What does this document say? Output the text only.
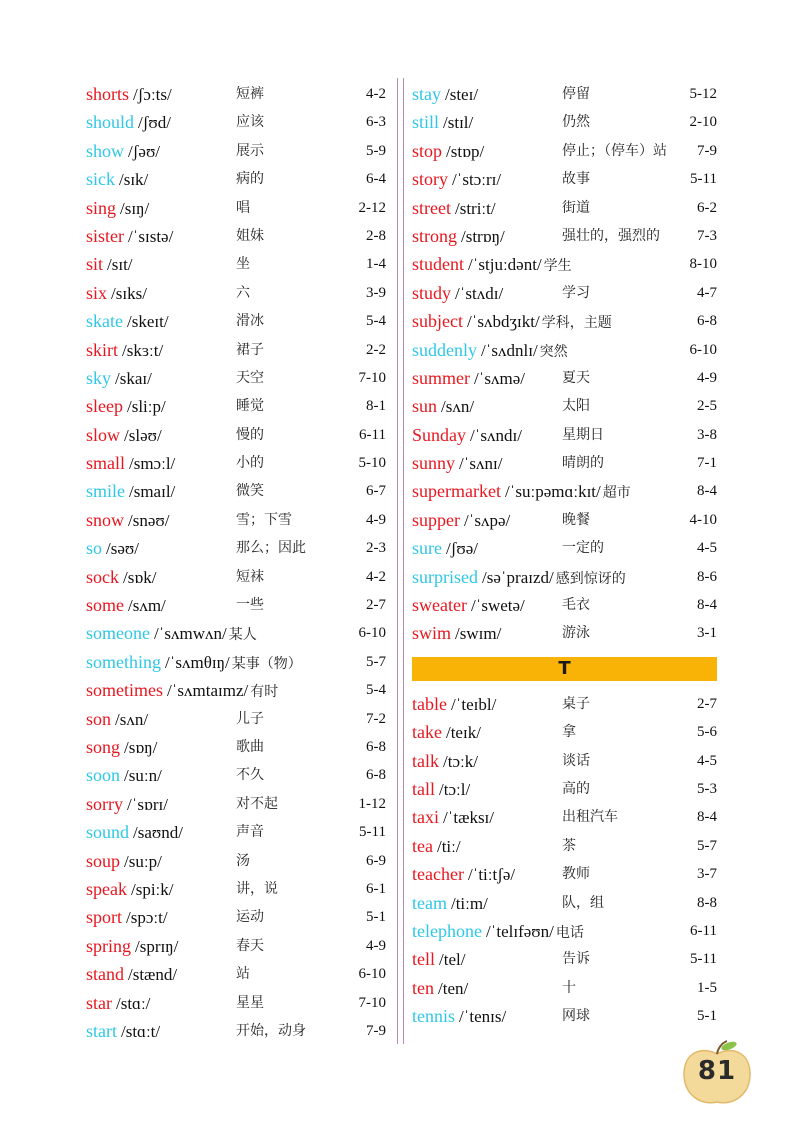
shorts /ʃɔːts/	短裤	4-2
should /ʃʊd/	应该	6-3
show /ʃəʊ/	展示	5-9
sick /sɪk/	病的	6-4
sing /sɪŋ/	唱	2-12
sister /ˈsɪstə/	姐妹	2-8
sit /sɪt/	坐	1-4
six /sɪks/	六	3-9
skate /skeɪt/	滑冰	5-4
skirt /skɜːt/	裙子	2-2
sky /skaɪ/	天空	7-10
sleep /sliːp/	睡觉	8-1
slow /sləʊ/	慢的	6-11
small /smɔːl/	小的	5-10
smile /smaɪl/	微笑	6-7
snow /snəʊ/	雪；下雪	4-9
so /səʊ/	那么；因此	2-3
sock /sɒk/	短袜	4-2
some /sʌm/	一些	2-7
someone /ˈsʌmwʌn/ 某人	6-10
something /ˈsʌmθɪŋ/ 某事（物）	5-7
sometimes /ˈsʌmtaɪmz/ 有时	5-4
son /sʌn/	儿子	7-2
song /sɒŋ/	歌曲	6-8
soon /suːn/	不久	6-8
sorry /ˈsɒrɪ/	对不起	1-12
sound /saʊnd/	声音	5-11
soup /suːp/	汤	6-9
speak /spiːk/	讲，说	6-1
sport /spɔːt/	运动	5-1
spring /sprɪŋ/	春天	4-9
stand /stænd/	站	6-10
star /stɑː/	星星	7-10
start /stɑːt/	开始，动身	7-9
stay /steɪ/	停留	5-12
still /stɪl/	仍然	2-10
stop /stɒp/	停止；（停车）站 7-9
story /ˈstɔːrɪ/	故事	5-11
street /striːt/	街道	6-2
strong /strɒŋ/	强壮的，强烈的 7-3
student /ˈstjuːdənt/ 学生	8-10
study /ˈstʌdɪ/	学习	4-7
subject /ˈsʌbdʒɪkt/ 学科，主题	6-8
suddenly /ˈsʌdnlɪ/ 突然	6-10
summer /ˈsʌmə/	夏天	4-9
sun /sʌn/	太阳	2-5
Sunday /ˈsʌndɪ/	星期日	3-8
sunny /ˈsʌnɪ/	晴朗的	7-1
supermarket /ˈsuːpəmɑːkɪt/ 超市	8-4
supper /ˈsʌpə/	晚餐	4-10
sure /ʃʊə/	一定的	4-5
surprised /səˈpraɪzd/ 感到惊讶的	8-6
sweater /ˈswetə/	毛衣	8-4
swim /swɪm/	游泳	3-1
T
table /ˈteɪbl/	桌子	2-7
take /teɪk/	拿	5-6
talk /tɔːk/	谈话	4-5
tall /tɔːl/	高的	5-3
taxi /ˈtæksɪ/	出租汽车	8-4
tea /tiː/	茶	5-7
teacher /ˈtiːtʃə/	教师	3-7
team /tiːm/	队，组	8-8
telephone /ˈtelɪfəʊn/ 电话	6-11
tell /tel/	告诉	5-11
ten /ten/	十	1-5
tennis /ˈtenɪs/	网球	5-1
81
